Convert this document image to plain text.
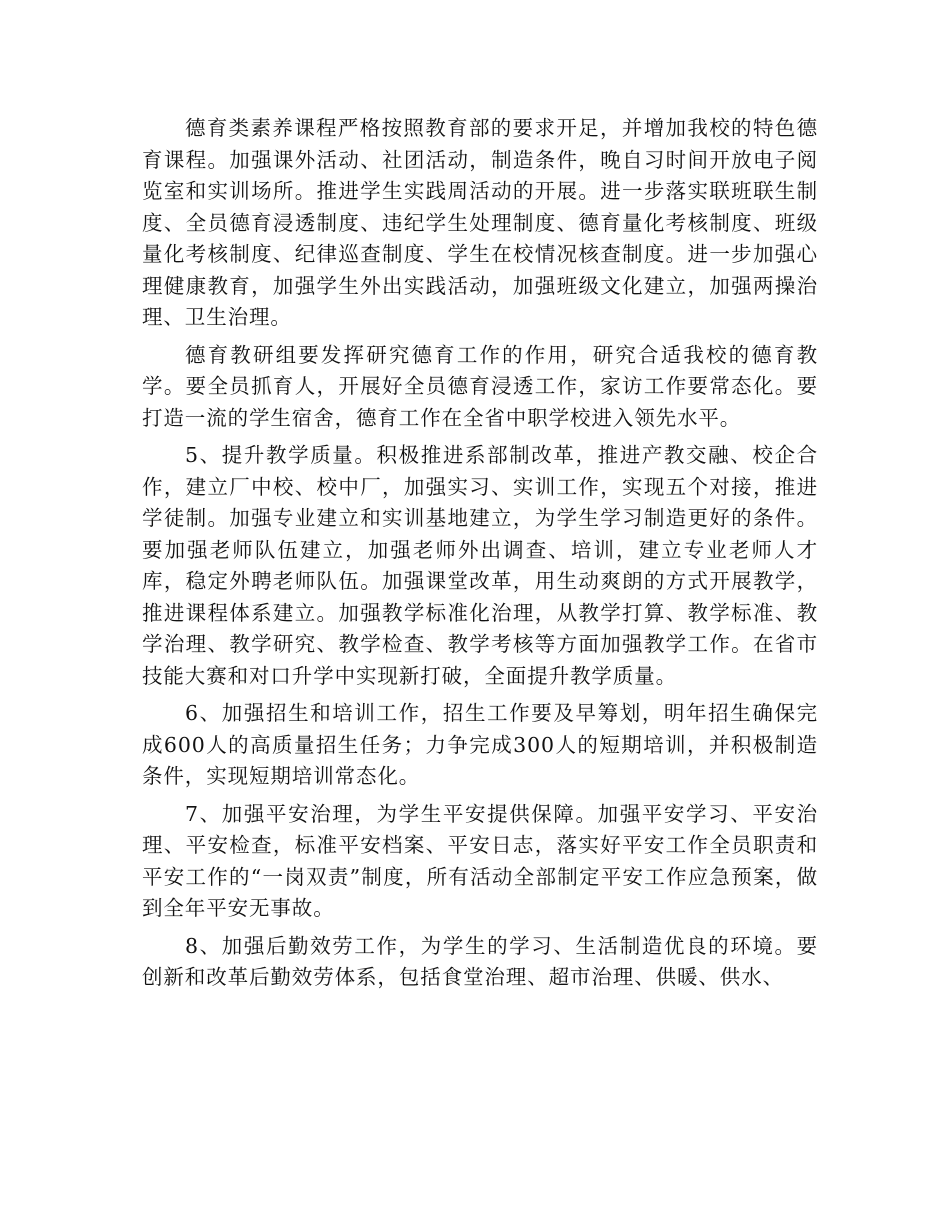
德育类素养课程严格按照教育部的要求开足，并增加我校的特色德育课程。加强课外活动、社团活动，制造条件，晚自习时间开放电子阅览室和实训场所。推进学生实践周活动的开展。进一步落实联班联生制度、全员德育浸透制度、违纪学生处理制度、德育量化考核制度、班级量化考核制度、纪律巡查制度、学生在校情况核查制度。进一步加强心理健康教育，加强学生外出实践活动，加强班级文化建立，加强两操治理、卫生治理。

德育教研组要发挥研究德育工作的作用，研究合适我校的德育教学。要全员抓育人，开展好全员德育浸透工作，家访工作要常态化。要打造一流的学生宿舍，德育工作在全省中职学校进入领先水平。

5、提升教学质量。积极推进系部制改革，推进产教交融、校企合作，建立厂中校、校中厂，加强实习、实训工作，实现五个对接，推进学徒制。加强专业建立和实训基地建立，为学生学习制造更好的条件。要加强老师队伍建立，加强老师外出调查、培训，建立专业老师人才库，稳定外聘老师队伍。加强课堂改革，用生动爽朗的方式开展教学，推进课程体系建立。加强教学标准化治理，从教学打算、教学标准、教学治理、教学研究、教学检查、教学考核等方面加强教学工作。在省市技能大赛和对口升学中实现新打破，全面提升教学质量。

6、加强招生和培训工作，招生工作要及早筹划，明年招生确保完成600人的高质量招生任务；力争完成300人的短期培训，并积极制造条件，实现短期培训常态化。

7、加强平安治理，为学生平安提供保障。加强平安学习、平安治理、平安检查，标准平安档案、平安日志，落实好平安工作全员职责和平安工作的“一岗双责”制度，所有活动全部制定平安工作应急预案，做到全年平安无事故。

8、加强后勤效劳工作，为学生的学习、生活制造优良的环境。要创新和改革后勤效劳体系，包括食堂治理、超市治理、供暖、供水、
